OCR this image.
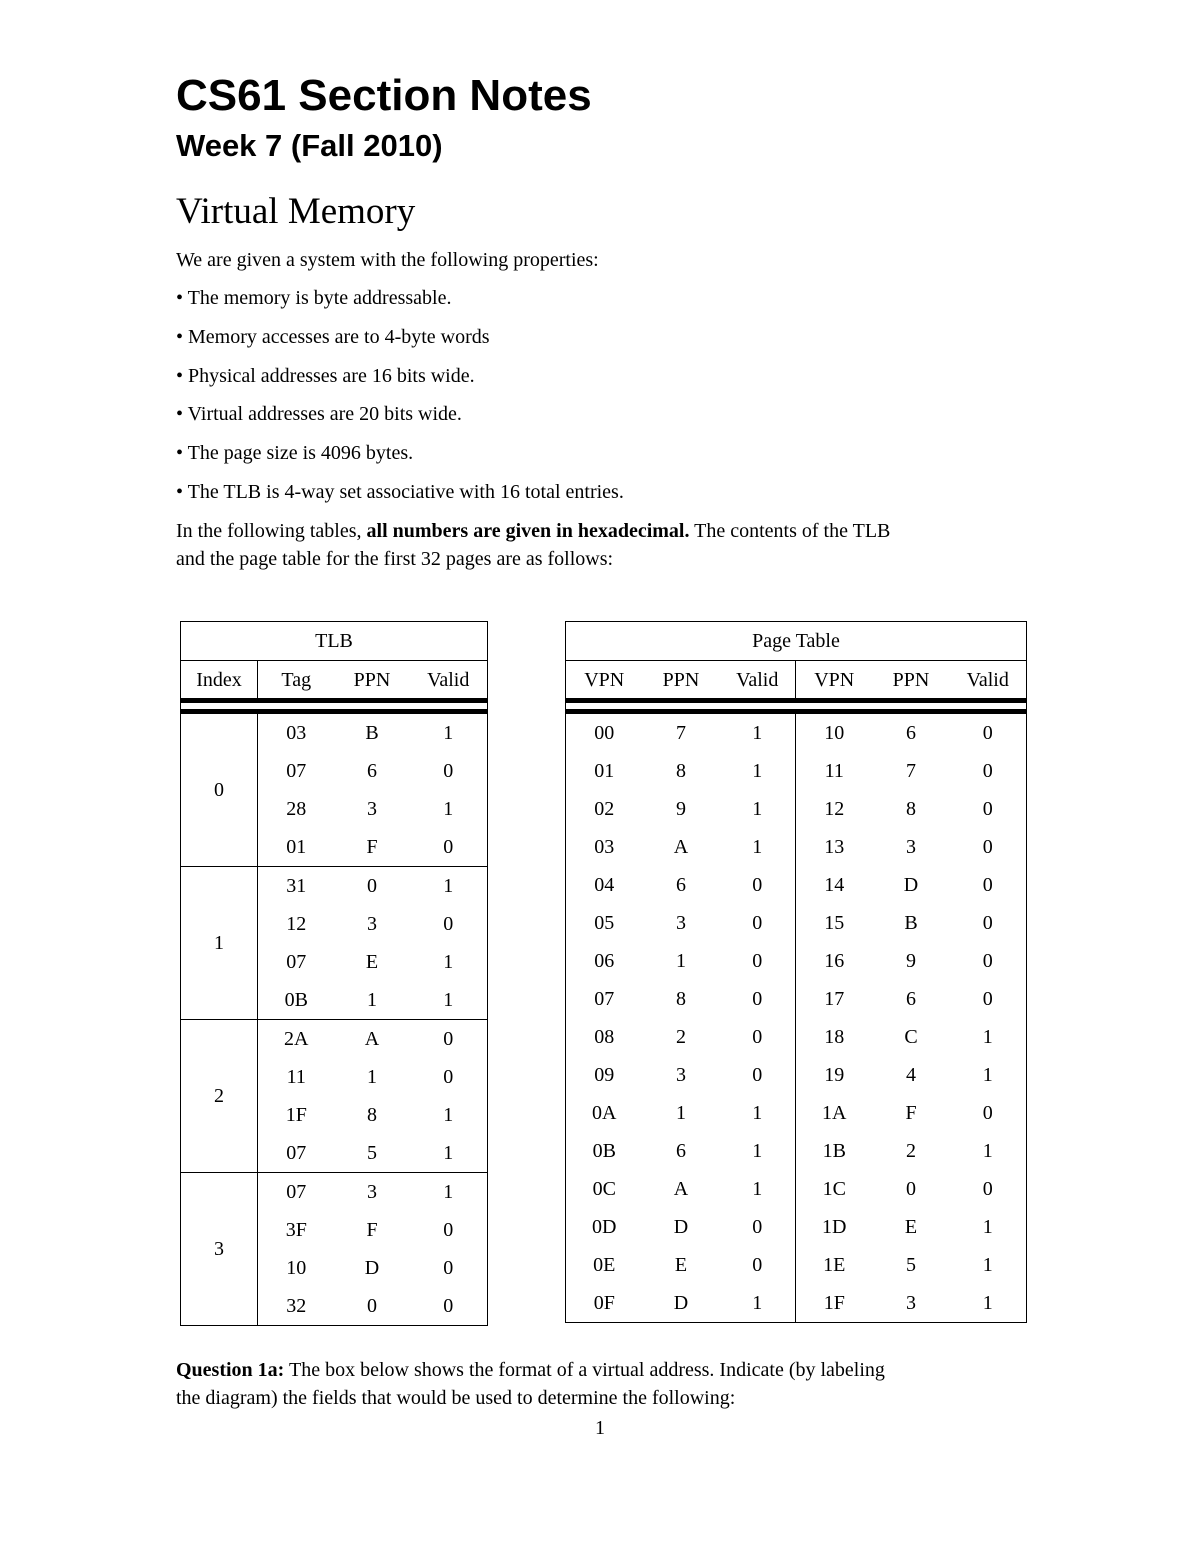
CS61 Section Notes
Week 7 (Fall 2010)
Virtual Memory

We are given a system with the following properties:

• The memory is byte addressable.

• Memory accesses are to 4-byte words

• Physical addresses are 16 bits wide.

• Virtual addresses are 20 bits wide.

• The page size is 4096 bytes.

• The TLB is 4-way set associative with 16 total entries.

In the following tables, all numbers are given in hexadecimal. The contents of the TLB

and the page table for the first 32 pages are as follows:

TLB			
Index	Tag	PPN	Valid

0	03	B	1
	07	6	0
	28	3	1
	01	F	0
1	31	0	1
	12	3	0
	07	E	1
	0B	1	1
2	2A	A	0
	11	1	0
	1F	8	1
	07	5	1
3	07	3	1
	3F	F	0
	10	D	0
	32	0	0
Page Table					
VPN	PPN	Valid	VPN	PPN	Valid

00	7	1	10	6	0
01	8	1	11	7	0
02	9	1	12	8	0
03	A	1	13	3	0
04	6	0	14	D	0
05	3	0	15	B	0
06	1	0	16	9	0
07	8	0	17	6	0
08	2	0	18	C	1
09	3	0	19	4	1
0A	1	1	1A	F	0
0B	6	1	1B	2	1
0C	A	1	1C	0	0
0D	D	0	1D	E	1
0E	E	0	1E	5	1
0F	D	1	1F	3	1

Question 1a: The box below shows the format of a virtual address. Indicate (by labeling

the diagram) the fields that would be used to determine the following:

1
